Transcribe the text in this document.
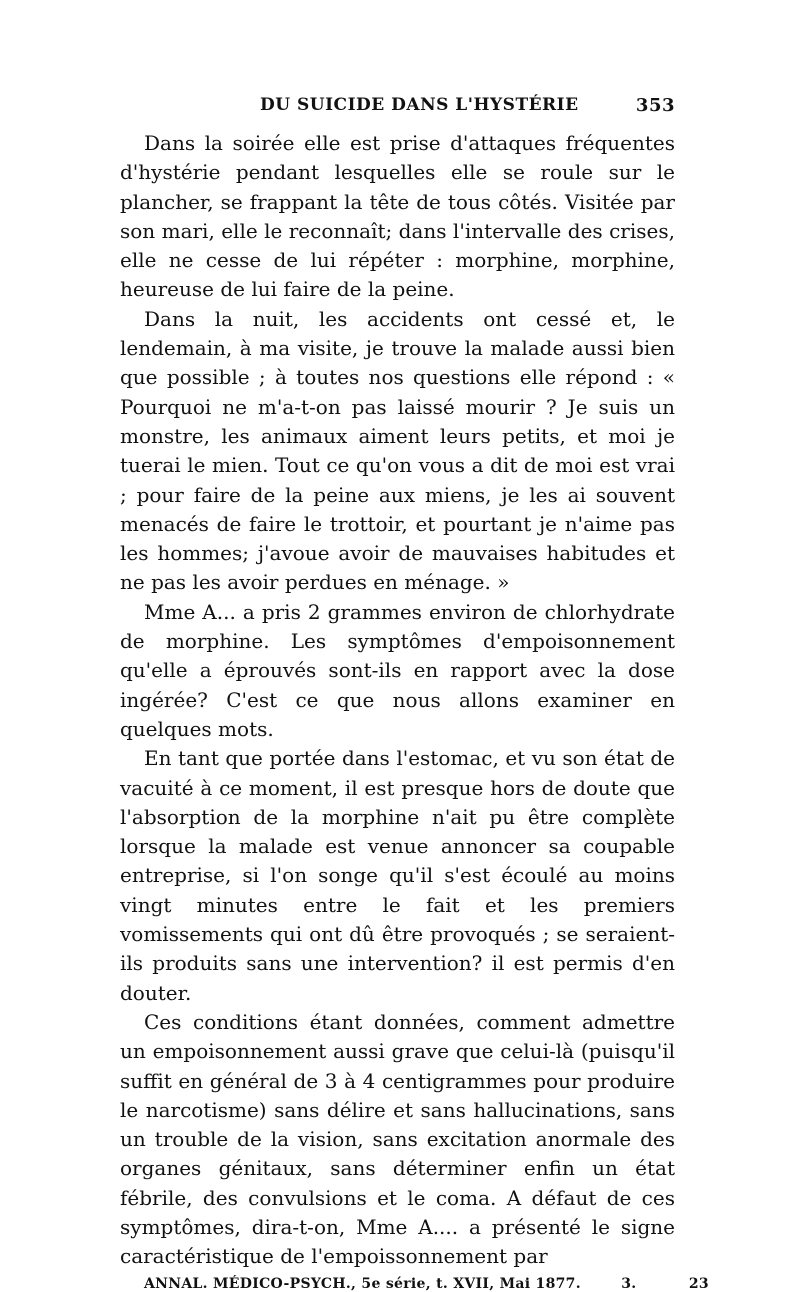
DU SUICIDE DANS L'HYSTÉRIE	353

Dans la soirée elle est prise d'attaques fréquentes d'hystérie pendant lesquelles elle se roule sur le plancher, se frappant la tête de tous côtés. Visitée par son mari, elle le reconnaît; dans l'intervalle des crises, elle ne cesse de lui répéter : morphine, morphine, heureuse de lui faire de la peine.

Dans la nuit, les accidents ont cessé et, le lendemain, à ma visite, je trouve la malade aussi bien que possible ; à toutes nos questions elle répond : « Pourquoi ne m'a-t-on pas laissé mourir ? Je suis un monstre, les animaux aiment leurs petits, et moi je tuerai le mien. Tout ce qu'on vous a dit de moi est vrai ; pour faire de la peine aux miens, je les ai souvent menacés de faire le trottoir, et pourtant je n'aime pas les hommes; j'avoue avoir de mauvaises habitudes et ne pas les avoir perdues en ménage. »

Mme A... a pris 2 grammes environ de chlorhydrate de morphine. Les symptômes d'empoisonnement qu'elle a éprouvés sont-ils en rapport avec la dose ingérée? C'est ce que nous allons examiner en quelques mots.

En tant que portée dans l'estomac, et vu son état de vacuité à ce moment, il est presque hors de doute que l'absorption de la morphine n'ait pu être complète lorsque la malade est venue annoncer sa coupable entreprise, si l'on songe qu'il s'est écoulé au moins vingt minutes entre le fait et les premiers vomissements qui ont dû être provoqués ; se seraient-ils produits sans une intervention? il est permis d'en douter.

Ces conditions étant données, comment admettre un empoisonnement aussi grave que celui-là (puisqu'il suffit en général de 3 à 4 centigrammes pour produire le narcotisme) sans délire et sans hallucinations, sans un trouble de la vision, sans excitation anormale des organes génitaux, sans déterminer enfin un état fébrile, des convulsions et le coma. A défaut de ces symptômes, dira-t-on, Mme A.... a présenté le signe caractéristique de l'empoissonnement par

ANNAL. MÉDICO-PSYCH., 5e série, t. XVII, Mai 1877.	3.	23
